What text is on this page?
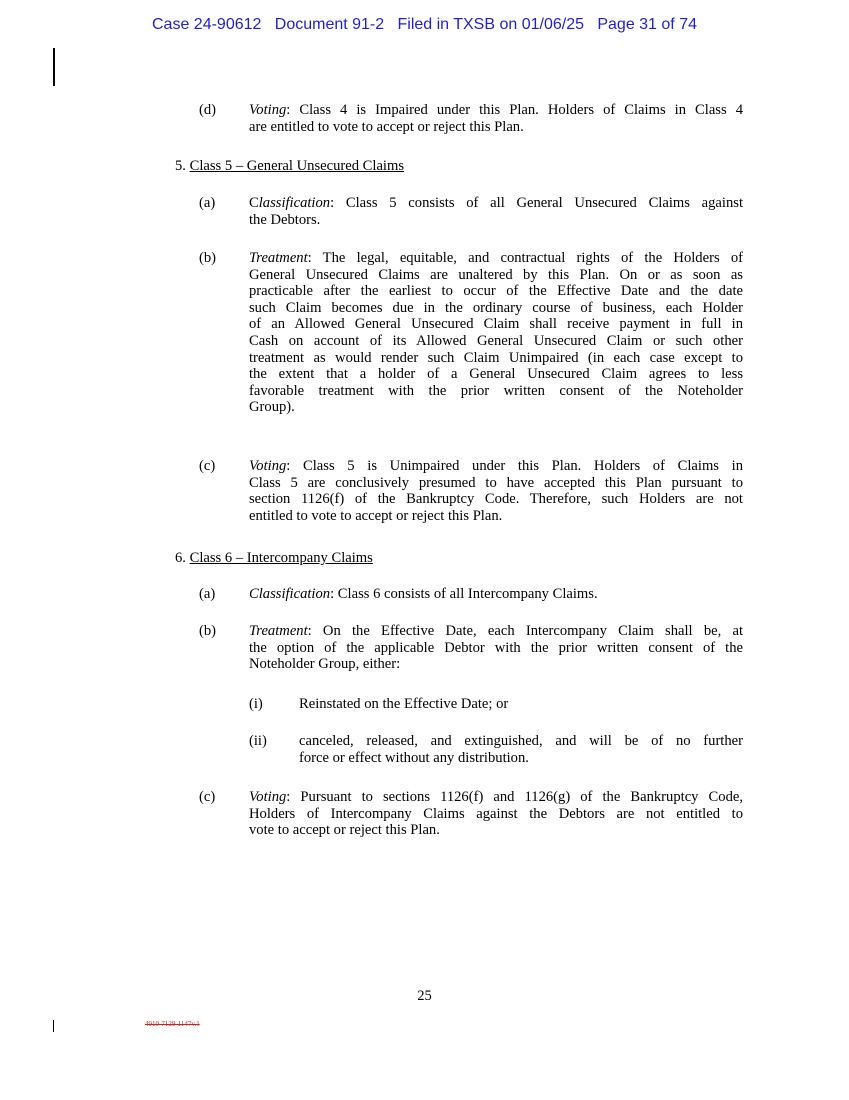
Case 24-90612 Document 91-2 Filed in TXSB on 01/06/25 Page 31 of 74
(d) Voting: Class 4 is Impaired under this Plan. Holders of Claims in Class 4
are entitled to vote to accept or reject this Plan.
5. Class 5 – General Unsecured Claims
(a) Classification: Class 5 consists of all General Unsecured Claims against
the Debtors.
(b) Treatment: The legal, equitable, and contractual rights of the Holders of
General Unsecured Claims are unaltered by this Plan. On or as soon as
practicable after the earliest to occur of the Effective Date and the date
such Claim becomes due in the ordinary course of business, each Holder
of an Allowed General Unsecured Claim shall receive payment in full in
Cash on account of its Allowed General Unsecured Claim or such other
treatment as would render such Claim Unimpaired (in each case except to
the extent that a holder of a General Unsecured Claim agrees to less
favorable treatment with the prior written consent of the Noteholder
Group).
(c) Voting: Class 5 is Unimpaired under this Plan. Holders of Claims in
Class 5 are conclusively presumed to have accepted this Plan pursuant to
section 1126(f) of the Bankruptcy Code. Therefore, such Holders are not
entitled to vote to accept or reject this Plan.
6. Class 6 – Intercompany Claims
(a) Classification: Class 6 consists of all Intercompany Claims.
(b) Treatment: On the Effective Date, each Intercompany Claim shall be, at
the option of the applicable Debtor with the prior written consent of the
Noteholder Group, either:
(i) Reinstated on the Effective Date; or
(ii) canceled, released, and extinguished, and will be of no further
force or effect without any distribution.
(c) Voting: Pursuant to sections 1126(f) and 1126(g) of the Bankruptcy Code,
Holders of Intercompany Claims against the Debtors are not entitled to
vote to accept or reject this Plan.
25
4910-7129-1147v.1
